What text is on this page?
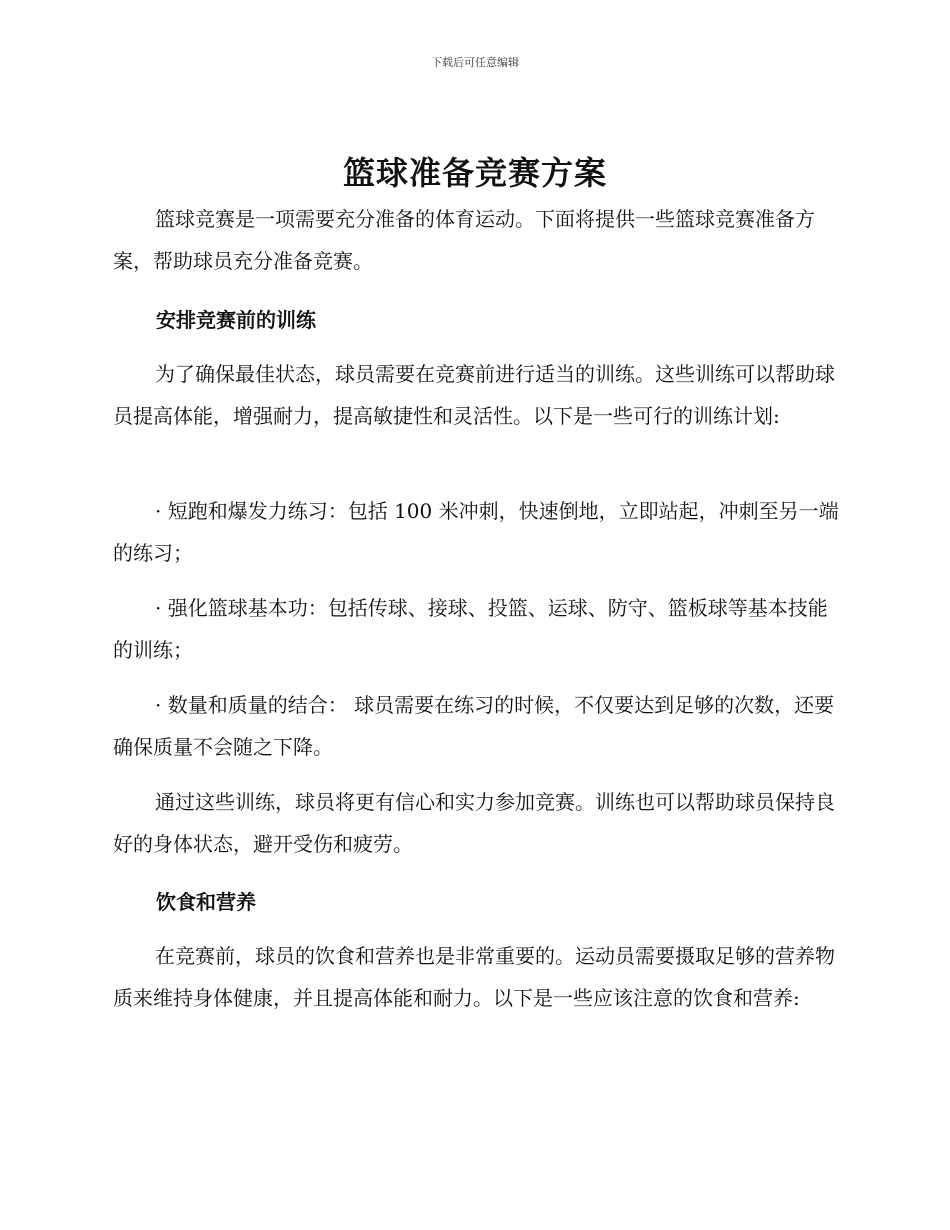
下载后可任意编辑
篮球准备竞赛方案

篮球竞赛是一项需要充分准备的体育运动。下面将提供一些篮球竞赛准备方案，帮助球员充分准备竞赛。

安排竞赛前的训练

为了确保最佳状态，球员需要在竞赛前进行适当的训练。这些训练可以帮助球员提高体能，增强耐力，提高敏捷性和灵活性。以下是一些可行的训练计划:

· 短跑和爆发力练习：包括 100 米冲刺，快速倒地，立即站起，冲刺至另一端的练习；

· 强化篮球基本功：包括传球、接球、投篮、运球、防守、篮板球等基本技能的训练；

· 数量和质量的结合： 球员需要在练习的时候，不仅要达到足够的次数，还要确保质量不会随之下降。

通过这些训练，球员将更有信心和实力参加竞赛。训练也可以帮助球员保持良好的身体状态，避开受伤和疲劳。

饮食和营养

在竞赛前，球员的饮食和营养也是非常重要的。运动员需要摄取足够的营养物质来维持身体健康，并且提高体能和耐力。以下是一些应该注意的饮食和营养:
